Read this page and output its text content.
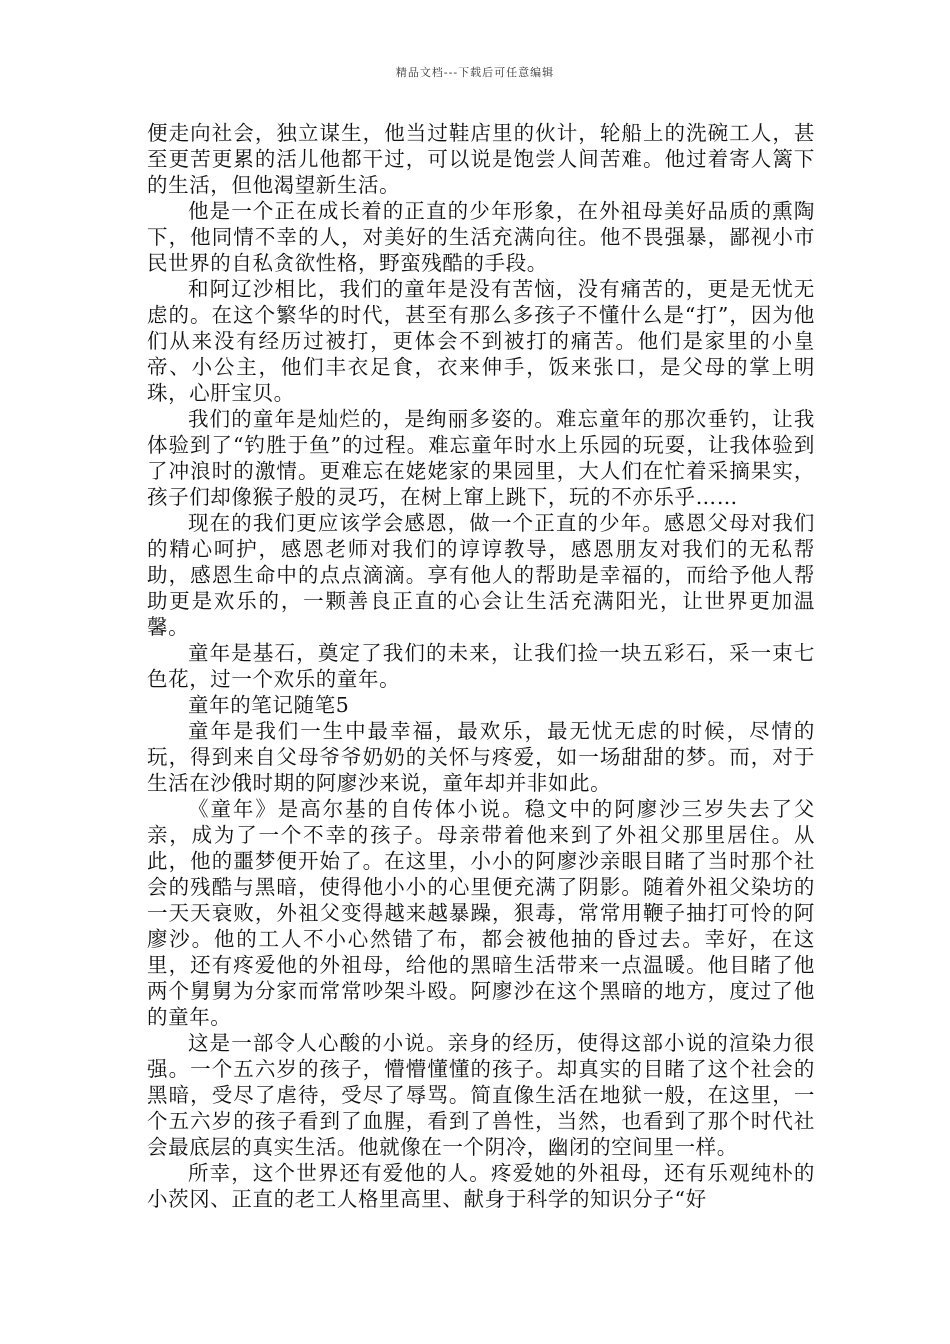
精品文档---下载后可任意编辑

便走向社会，独立谋生，他当过鞋店里的伙计，轮船上的洗碗工人，甚至更苦更累的活儿他都干过，可以说是饱尝人间苦难。他过着寄人篱下的生活，但他渴望新生活。

他是一个正在成长着的正直的少年形象，在外祖母美好品质的熏陶下，他同情不幸的人，对美好的生活充满向往。他不畏强暴，鄙视小市民世界的自私贪欲性格，野蛮残酷的手段。

和阿辽沙相比，我们的童年是没有苦恼，没有痛苦的，更是无忧无虑的。在这个繁华的时代，甚至有那么多孩子不懂什么是“打”，因为他们从来没有经历过被打，更体会不到被打的痛苦。他们是家里的小皇帝、小公主，他们丰衣足食，衣来伸手，饭来张口，是父母的掌上明珠，心肝宝贝。

我们的童年是灿烂的，是绚丽多姿的。难忘童年的那次垂钓，让我体验到了“钓胜于鱼”的过程。难忘童年时水上乐园的玩耍，让我体验到了冲浪时的激情。更难忘在姥姥家的果园里，大人们在忙着采摘果实，孩子们却像猴子般的灵巧，在树上窜上跳下，玩的不亦乐乎……

现在的我们更应该学会感恩，做一个正直的少年。感恩父母对我们的精心呵护，感恩老师对我们的谆谆教导，感恩朋友对我们的无私帮助，感恩生命中的点点滴滴。享有他人的帮助是幸福的，而给予他人帮助更是欢乐的，一颗善良正直的心会让生活充满阳光，让世界更加温馨。

童年是基石，奠定了我们的未来，让我们捡一块五彩石，采一束七色花，过一个欢乐的童年。

童年的笔记随笔5

童年是我们一生中最幸福，最欢乐，最无忧无虑的时候，尽情的玩，得到来自父母爷爷奶奶的关怀与疼爱，如一场甜甜的梦。而，对于生活在沙俄时期的阿廖沙来说，童年却并非如此。

《童年》是高尔基的自传体小说。稳文中的阿廖沙三岁失去了父亲，成为了一个不幸的孩子。母亲带着他来到了外祖父那里居住。从此，他的噩梦便开始了。在这里，小小的阿廖沙亲眼目睹了当时那个社会的残酷与黑暗，使得他小小的心里便充满了阴影。随着外祖父染坊的一天天衰败，外祖父变得越来越暴躁，狠毒，常常用鞭子抽打可怜的阿廖沙。他的工人不小心然错了布，都会被他抽的昏过去。幸好，在这里，还有疼爱他的外祖母，给他的黑暗生活带来一点温暖。他目睹了他两个舅舅为分家而常常吵架斗殴。阿廖沙在这个黑暗的地方，度过了他的童年。

这是一部令人心酸的小说。亲身的经历，使得这部小说的渲染力很强。一个五六岁的孩子，懵懵懂懂的孩子。却真实的目睹了这个社会的黑暗，受尽了虐待，受尽了辱骂。简直像生活在地狱一般，在这里，一个五六岁的孩子看到了血腥，看到了兽性，当然，也看到了那个时代社会最底层的真实生活。他就像在一个阴冷，幽闭的空间里一样。

所幸，这个世界还有爱他的人。疼爱她的外祖母，还有乐观纯朴的小茨冈、正直的老工人格里高里、献身于科学的知识分子“好
